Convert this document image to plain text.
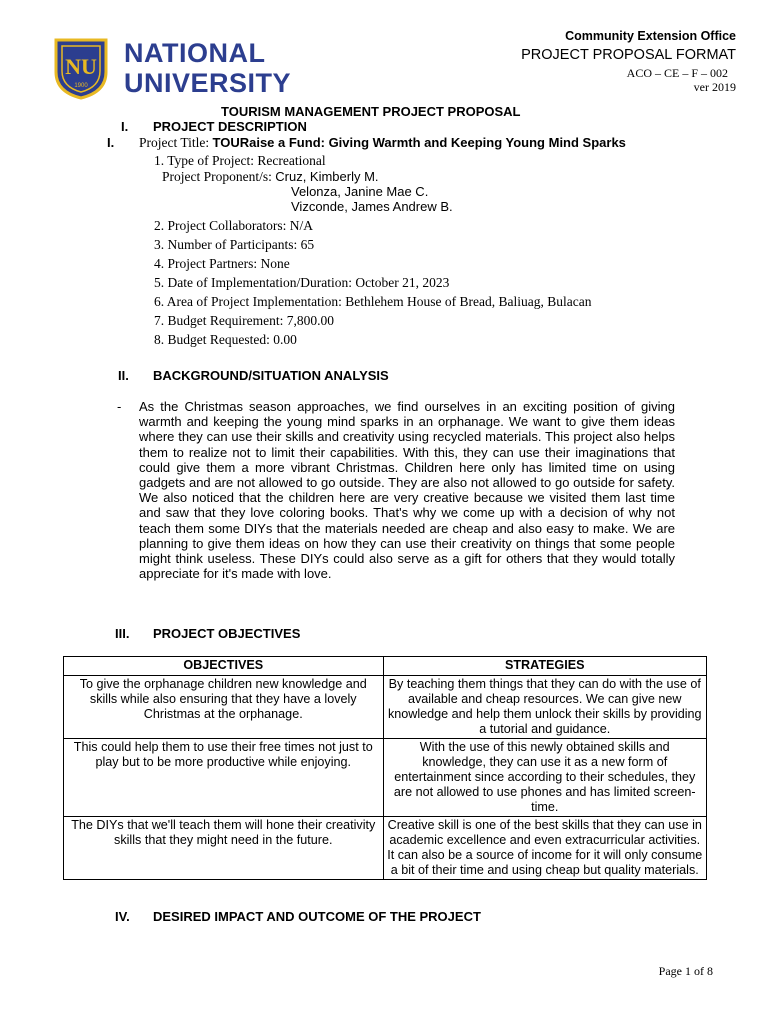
NU
1900
NATIONAL
UNIVERSITY
Community Extension Office
PROJECT PROPOSAL FORMAT
ACO – CE – F – 002
ver 2019
TOURISM MANAGEMENT PROJECT PROPOSAL
I. PROJECT DESCRIPTION
I. Project Title: TOURaise a Fund: Giving Warmth and Keeping Young Mind Sparks
1. Type of Project: Recreational
Project Proponent/s: Cruz, Kimberly M.
Velonza, Janine Mae C.
Vizconde, James Andrew B.
2. Project Collaborators: N/A
3. Number of Participants: 65
4. Project Partners: None
5. Date of Implementation/Duration: October 21, 2023
6. Area of Project Implementation: Bethlehem House of Bread, Baliuag, Bulacan
7. Budget Requirement: 7,800.00
8. Budget Requested: 0.00
II. BACKGROUND/SITUATION ANALYSIS
- As the Christmas season approaches, we find ourselves in an exciting position of giving warmth and keeping the young mind sparks in an orphanage. We want to give them ideas where they can use their skills and creativity using recycled materials. This project also helps them to realize not to limit their capabilities. With this, they can use their imaginations that could give them a more vibrant Christmas. Children here only has limited time on using gadgets and are not allowed to go outside. They are also not allowed to go outside for safety. We also noticed that the children here are very creative because we visited them last time and saw that they love coloring books. That's why we come up with a decision of why not teach them some DIYs that the materials needed are cheap and also easy to make. We are planning to give them ideas on how they can use their creativity on things that some people might think useless. These DIYs could also serve as a gift for others that they would totally appreciate for it's made with love.
III. PROJECT OBJECTIVES
OBJECTIVES	STRATEGIES
To give the orphanage children new knowledge and skills while also ensuring that they have a lovely Christmas at the orphanage.	By teaching them things that they can do with the use of available and cheap resources. We can give new knowledge and help them unlock their skills by providing a tutorial and guidance.
This could help them to use their free times not just to play but to be more productive while enjoying.	With the use of this newly obtained skills and knowledge, they can use it as a new form of entertainment since according to their schedules, they are not allowed to use phones and has limited screen-time.
The DIYs that we'll teach them will hone their creativity skills that they might need in the future.	Creative skill is one of the best skills that they can use in academic excellence and even extracurricular activities. It can also be a source of income for it will only consume a bit of their time and using cheap but quality materials.
IV. DESIRED IMPACT AND OUTCOME OF THE PROJECT
Page 1 of 8
